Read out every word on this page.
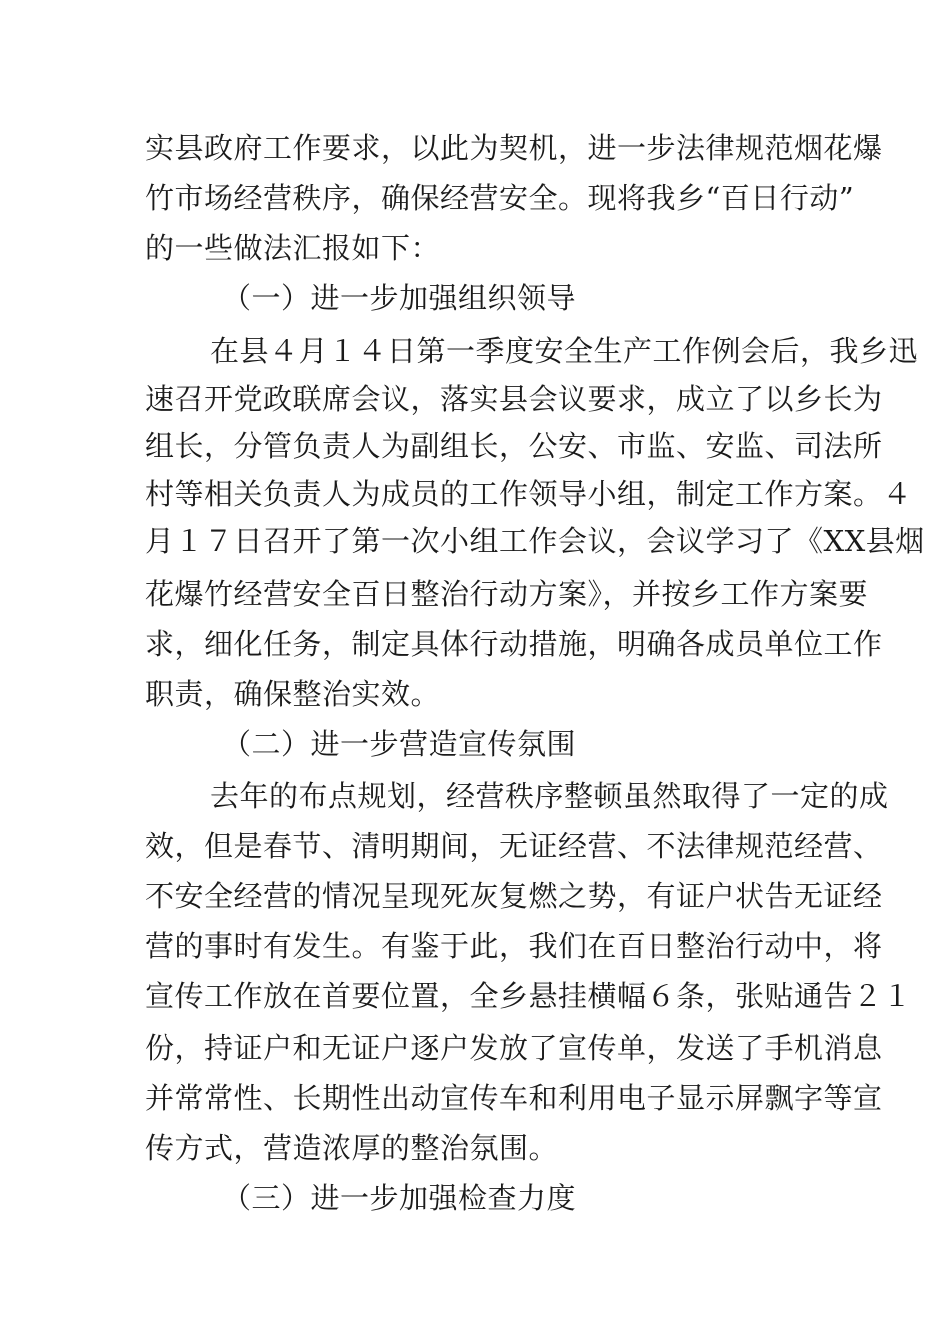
实县政府工作要求，以此为契机，进一步法律规范烟花爆
竹市场经营秩序，确保经营安全。现将我乡“百日行动”
的一些做法汇报如下：
（一）进一步加强组织领导
在县４月１４日第一季度安全生产工作例会后，我乡迅
速召开党政联席会议，落实县会议要求，成立了以乡长为
组长，分管负责人为副组长，公安、市监、安监、司法所
村等相关负责人为成员的工作领导小组，制定工作方案。４
月１７日召开了第一次小组工作会议，会议学习了《XX县烟
花爆竹经营安全百日整治行动方案》，并按乡工作方案要
求，细化任务，制定具体行动措施，明确各成员单位工作
职责，确保整治实效。
（二）进一步营造宣传氛围
去年的布点规划，经营秩序整顿虽然取得了一定的成
效，但是春节、清明期间，无证经营、不法律规范经营、
不安全经营的情况呈现死灰复燃之势，有证户状告无证经
营的事时有发生。有鉴于此，我们在百日整治行动中，将
宣传工作放在首要位置，全乡悬挂横幅６条，张贴通告２１
份，持证户和无证户逐户发放了宣传单，发送了手机消息
并常常性、长期性出动宣传车和利用电子显示屏飘字等宣
传方式，营造浓厚的整治氛围。
（三）进一步加强检查力度
